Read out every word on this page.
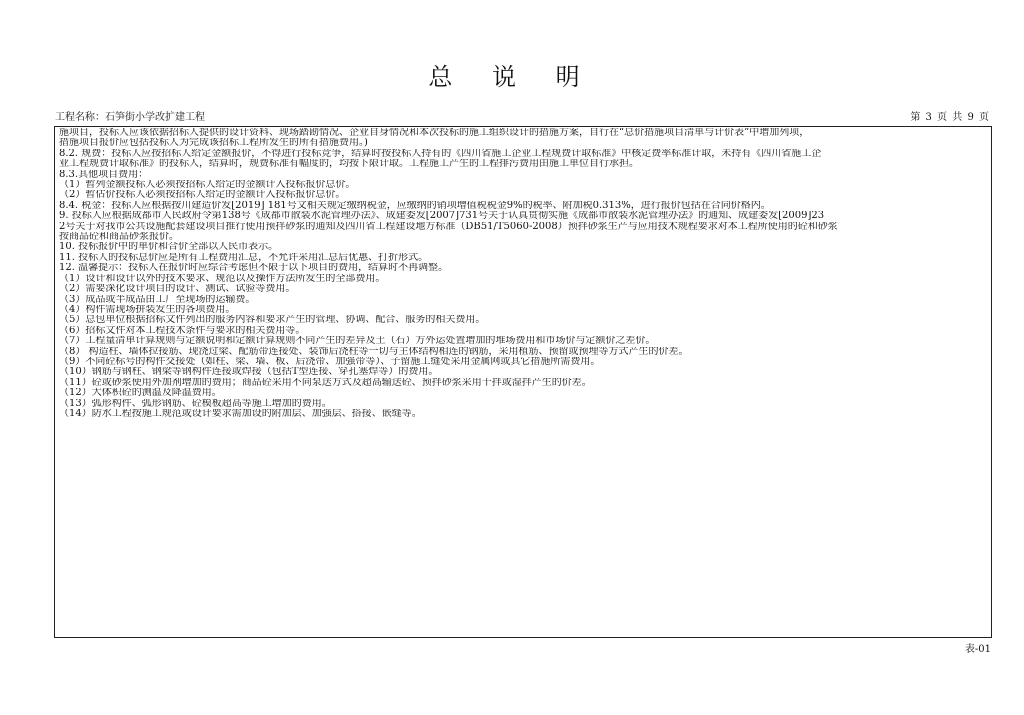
总 说 明
工程名称：石笋街小学改扩建工程	第 3 页 共 9 页
施项目，投标人应该依据招标人提供的设计资料、现场踏勘情况、企业自身情况和本次投标的施工组织设计的措施方案，自行在“总价措施项目清单与计价表”中增加列项，
措施项目报价应包括投标人为完成该招标工程所发生的所有措施费用。)
8.2. 规费：投标人应按招标人给定金额报价，不得进行投标竞争，结算时按投标人持有的《四川省施工企业工程规费计取标准》中核定费率标准计取，未持有《四川省施工企
业工程规费计取标准》的投标人，结算时，规费标准有幅度的，均按下限计取。工程施工产生的工程排污费用由施工单位自行承担。
8.3.其他项目费用：
（1）暂列金额投标人必须按招标人给定的金额计入投标报价总价。
（2）暂估价投标人必须按招标人给定的金额计入投标报价总价。
8.4. 税金：投标人应根据按川建造价发[2019] 181号文相关规定缴纳税金，应缴纳的销项增值税税金9%的税率、附加税0.313%，进行报价包括在合同价格内。
9. 投标人应根据成都市人民政府令第138号《成都市散装水泥管理办法》、成建委发[2007]731号关于认真贯彻实施《成都市散装水泥管理办法》的通知、成建委发[2009]23
2号关于对我市公共设施配套建设项目推行使用预拌砂浆的通知及四川省工程建设地方标准（DB51/T5060-2008）预拌砂浆生产与应用技术规程要求对本工程所使用的砼和砂浆
按商品砼和商品砂浆报价。
10. 投标报价中的单价和合价全部以人民币表示。
11. 投标人的投标总价应是所有工程费用汇总，不允许采用汇总后优惠、打折形式。
12. 温馨提示：投标人在报价时应综合考虑但不限于以下项目的费用，结算时不再调整。
（1）设计和设计以外的技术要求、规范以及操作方法所发生的全部费用。
（2）需要深化设计项目的设计、测试、试验等费用。
（3）成品或半成品由工厂至现场的运输费。
（4）构件需现场拼装发生的各项费用。
（5）总包单位根据招标文件列出的服务内容和要求产生的管理、协调、配合、服务的相关费用。
（6）招标文件对本工程技术条件与要求的相关费用等。
（7）工程量清单计算规则与定额说明和定额计算规则不同产生的差异及土（石）方外运处置增加的堆场费用和市场价与定额价之差价。
（8） 构造柱、墙体拉接筋、现浇过梁、配筋带连接处、装饰后浇柱等一切与主体结构相连的钢筋，采用植筋、预留或预埋等方式产生的价差。
（9）不同砼标号的构件交接处（如柱、梁、墙、板、后浇带、加强带等）、子留施工缝处采用金属网或其它措施所需费用。
（10）钢筋与钢柱、钢梁等钢构件连接或焊接（包括T型连接、穿孔塞焊等）的费用。
（11）砼或砂浆使用外加剂增加的费用；商品砼采用不同泵送方式及超高输送砼、预拌砂浆采用干拌或湿拌产生的价差。
（12）大体积砼的测温及降温费用。
（13）弧形构件、弧形钢筋、砼模板超高等施工增加的费用。
（14）防水工程按施工规范或设计要求需加设的附加层、加强层、搭接、嵌缝等。
表-01
